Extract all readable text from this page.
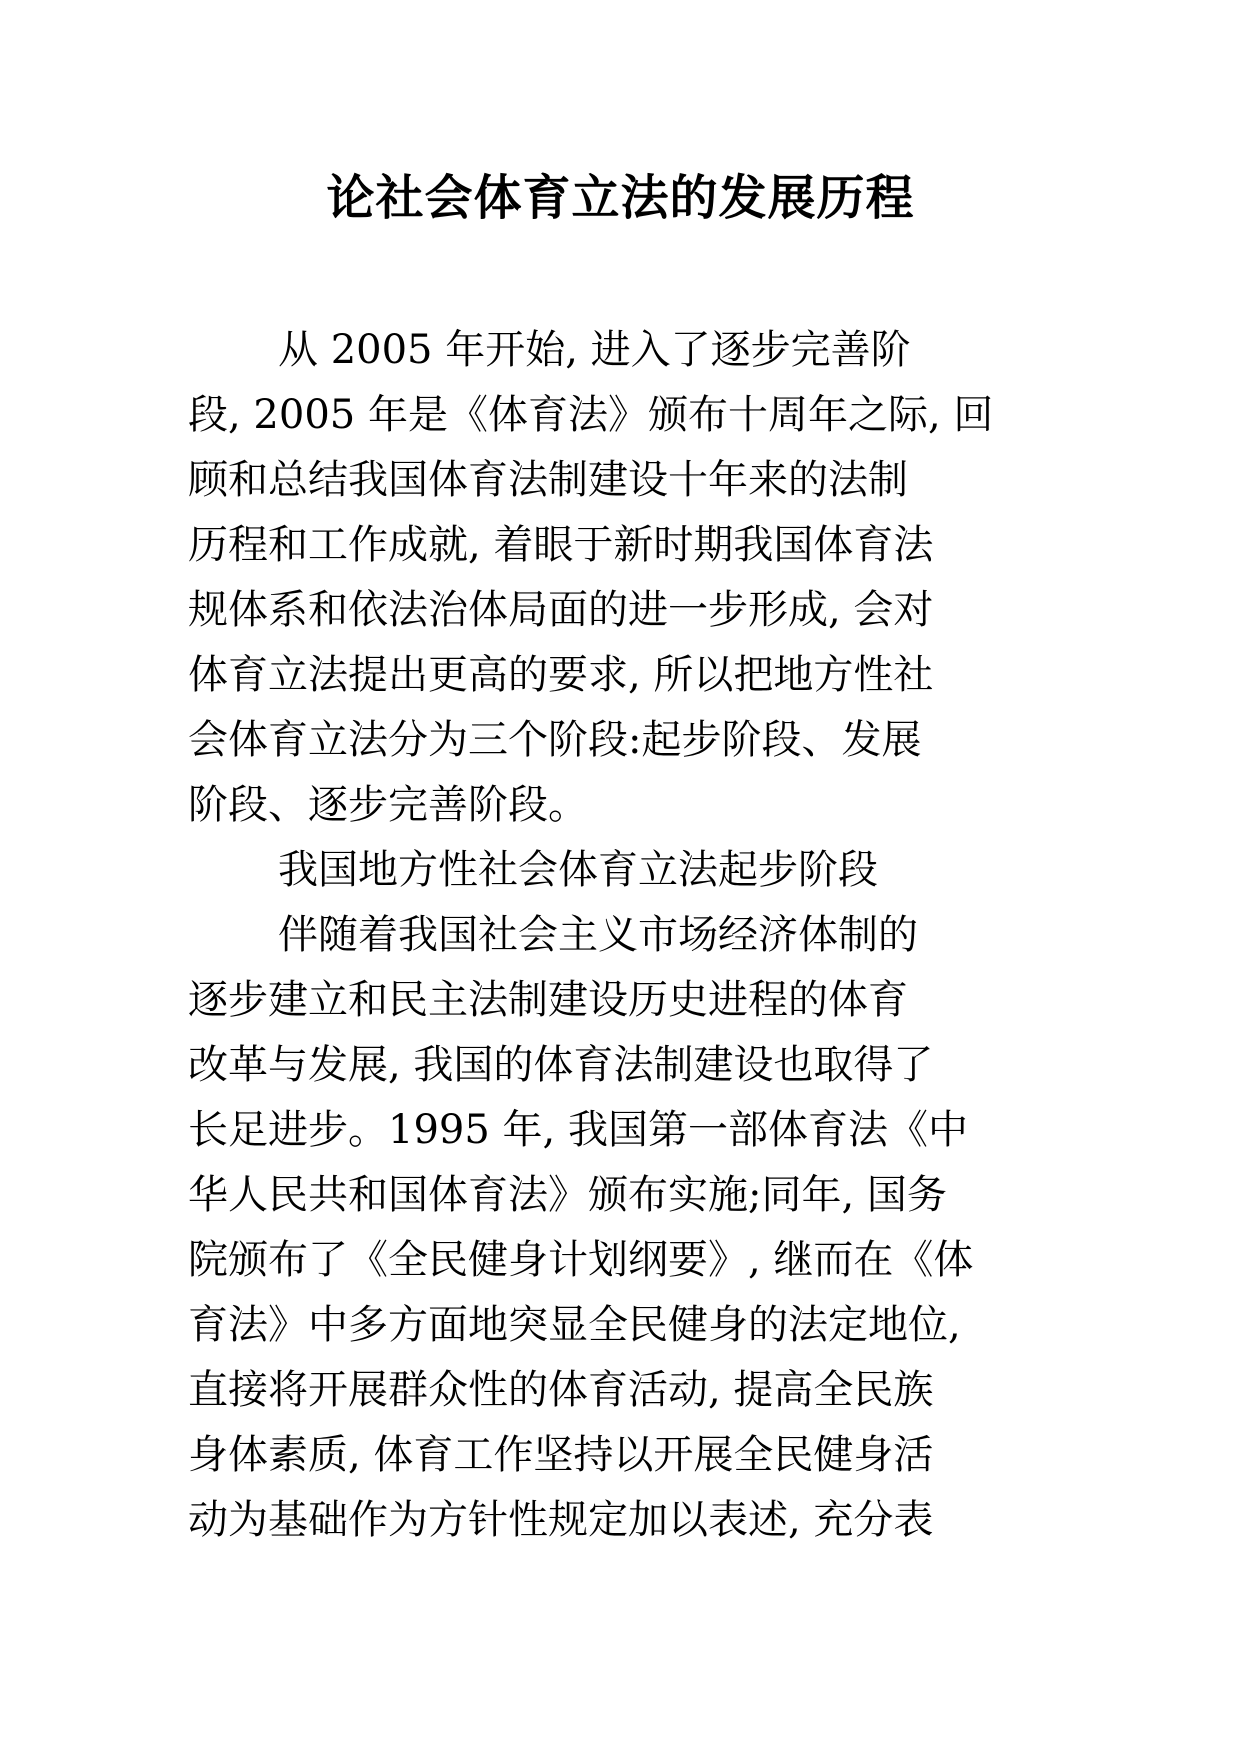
论社会体育立法的发展历程
从 2005 年开始, 进入了逐步完善阶
段, 2005 年是《体育法》颁布十周年之际, 回
顾和总结我国体育法制建设十年来的法制
历程和工作成就, 着眼于新时期我国体育法
规体系和依法治体局面的进一步形成, 会对
体育立法提出更高的要求, 所以把地方性社
会体育立法分为三个阶段:起步阶段、发展
阶段、逐步完善阶段。
我国地方性社会体育立法起步阶段
伴随着我国社会主义市场经济体制的
逐步建立和民主法制建设历史进程的体育
改革与发展, 我国的体育法制建设也取得了
长足进步。1995 年, 我国第一部体育法《中
华人民共和国体育法》颁布实施;同年, 国务
院颁布了《全民健身计划纲要》, 继而在《体
育法》中多方面地突显全民健身的法定地位,
直接将开展群众性的体育活动, 提高全民族
身体素质, 体育工作坚持以开展全民健身活
动为基础作为方针性规定加以表述, 充分表
